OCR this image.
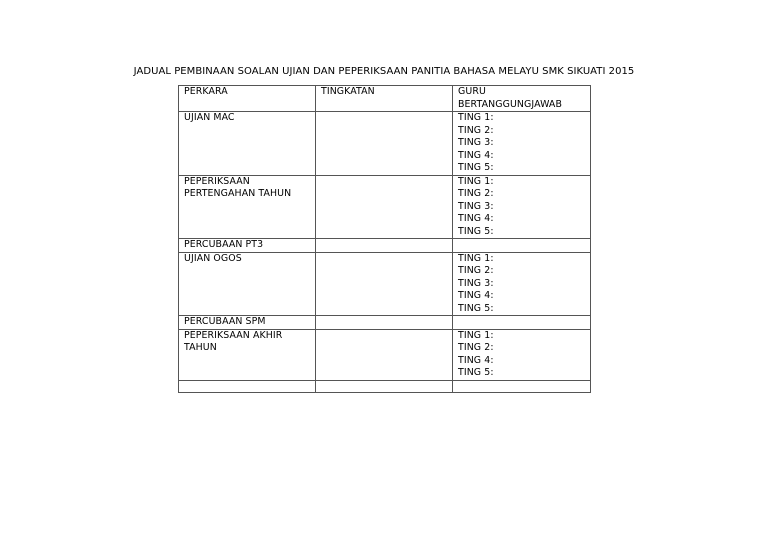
JADUAL PEMBINAAN SOALAN UJIAN DAN PEPERIKSAAN PANITIA BAHASA MELAYU SMK SIKUATI 2015
PERKARA	TINGKATAN	GURU
BERTANGGUNGJAWAB

UJIAN MAC		TING 1:
TING 2:
TING 3:
TING 4:
TING 5:

PEPERIKSAAN PERTENGAHAN TAHUN		TING 1:
TING 2:
TING 3:
TING 4:
TING 5:

PERCUBAAN PT3		

UJIAN OGOS		TING 1:
TING 2:
TING 3:
TING 4:
TING 5:

PERCUBAAN SPM		

PEPERIKSAAN AKHIR TAHUN		TING 1:
TING 2:
TING 4:
TING 5:
